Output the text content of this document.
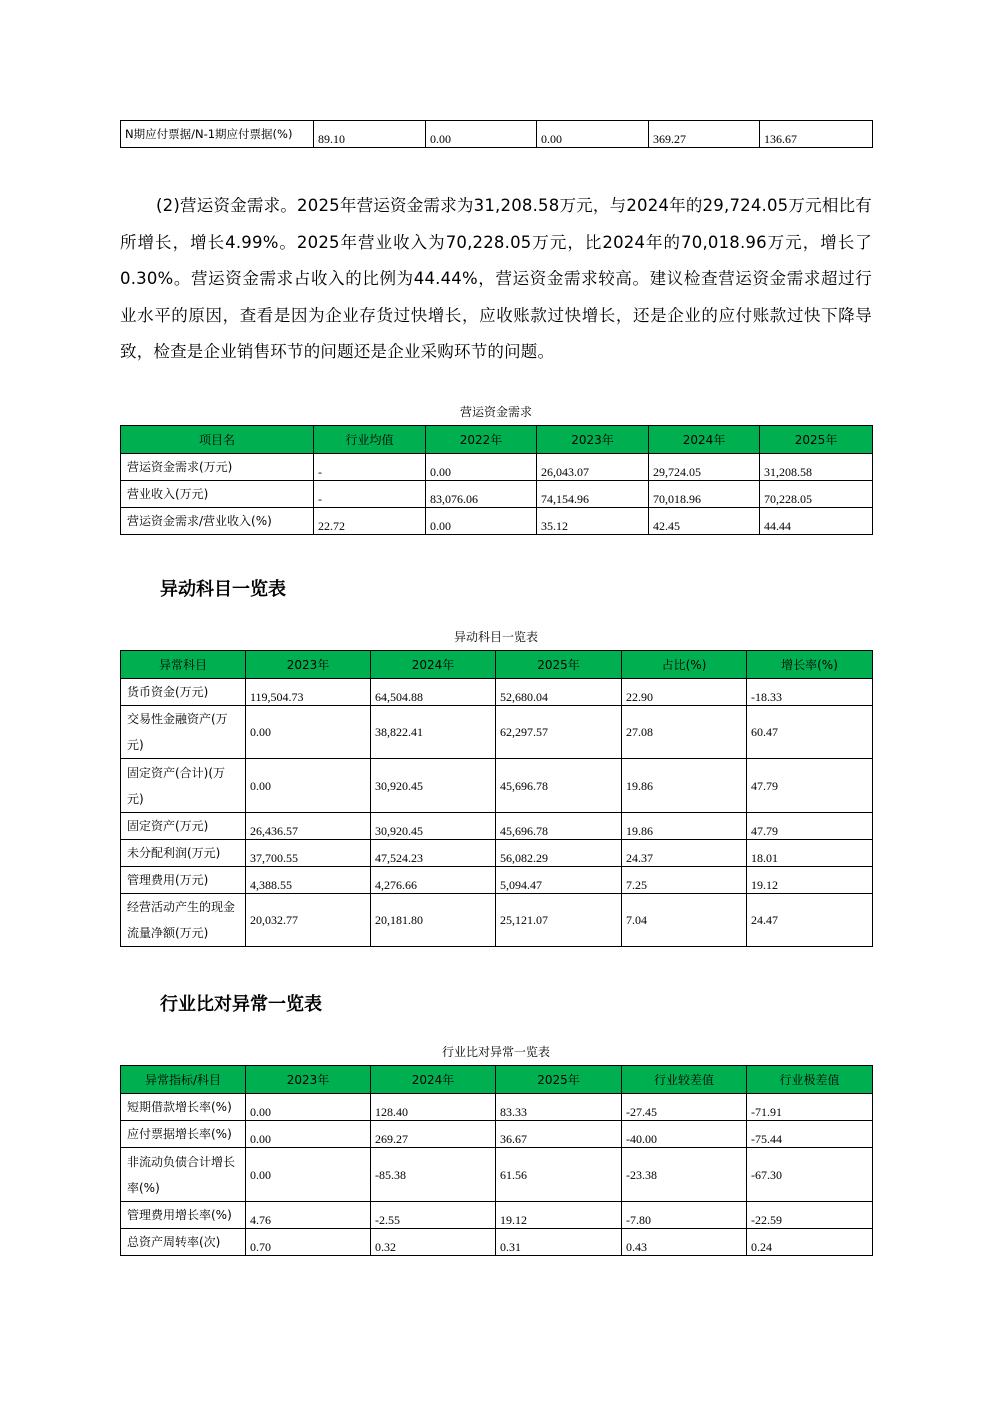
N期应付票据/N-1期应付票据(%)	89.10	0.00	0.00	369.27	136.67

(2)营运资金需求。2025年营运资金需求为31,208.58万元，与2024年的29,724.05万元相比有所增长，增长4.99%。2025年营业收入为70,228.05万元，比2024年的70,018.96万元，增长了0.30%。营运资金需求占收入的比例为44.44%，营运资金需求较高。建议检查营运资金需求超过行业水平的原因，查看是因为企业存货过快增长，应收账款过快增长，还是企业的应付账款过快下降导致，检查是企业销售环节的问题还是企业采购环节的问题。

营运资金需求
项目名	行业均值	2022年	2023年	2024年	2025年
营运资金需求(万元)	-	0.00	26,043.07	29,724.05	31,208.58
营业收入(万元)	-	83,076.06	74,154.96	70,018.96	70,228.05
营运资金需求/营业收入(%)	22.72	0.00	35.12	42.45	44.44
异动科目一览表
异动科目一览表
异常科目	2023年	2024年	2025年	占比(%)	增长率(%)
货币资金(万元)	119,504.73	64,504.88	52,680.04	22.90	-18.33
交易性金融资产(万元)	0.00	38,822.41	62,297.57	27.08	60.47
固定资产(合计)(万元)	0.00	30,920.45	45,696.78	19.86	47.79
固定资产(万元)	26,436.57	30,920.45	45,696.78	19.86	47.79
未分配利润(万元)	37,700.55	47,524.23	56,082.29	24.37	18.01
管理费用(万元)	4,388.55	4,276.66	5,094.47	7.25	19.12
经营活动产生的现金流量净额(万元)	20,032.77	20,181.80	25,121.07	7.04	24.47
行业比对异常一览表
行业比对异常一览表
异常指标/科目	2023年	2024年	2025年	行业较差值	行业极差值
短期借款增长率(%)	0.00	128.40	83.33	-27.45	-71.91
应付票据增长率(%)	0.00	269.27	36.67	-40.00	-75.44
非流动负债合计增长率(%)	0.00	-85.38	61.56	-23.38	-67.30
管理费用增长率(%)	4.76	-2.55	19.12	-7.80	-22.59
总资产周转率(次)	0.70	0.32	0.31	0.43	0.24
